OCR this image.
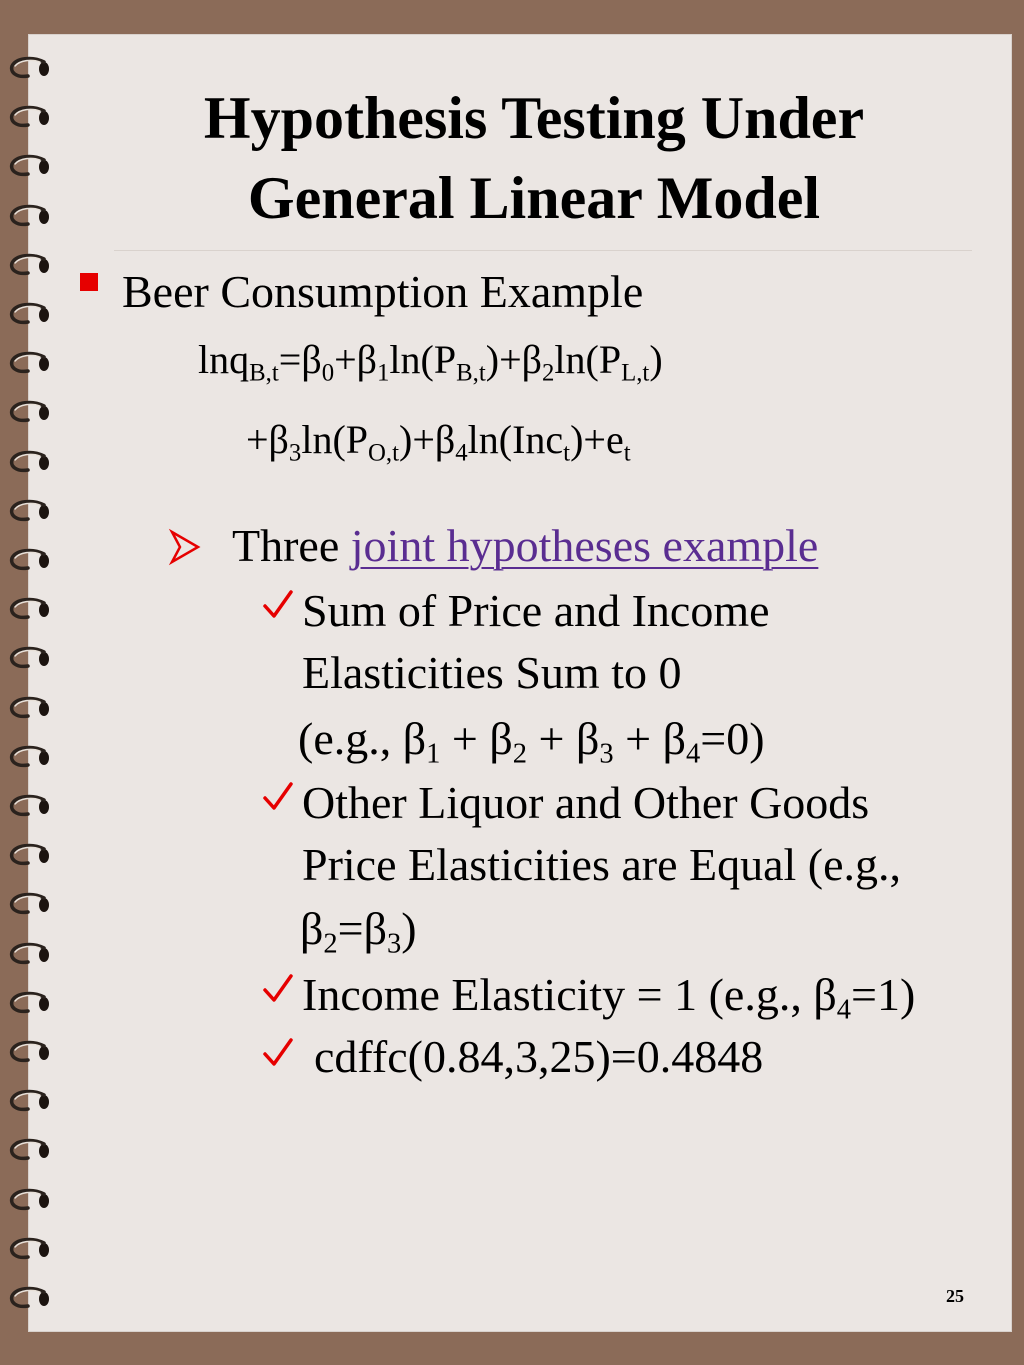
Hypothesis Testing Under
General Linear Model
Beer Consumption Example
$\ln q_{B,t}=\beta_0+\beta_1\ln(P_{B,t})+\beta_2\ln(P_{L,t})$
$+\beta_3\ln(P_{O,t})+\beta_4\ln(Inc_t)+e_t$
Three joint hypotheses example
Sum of Price and Income
Elasticities Sum to 0
(e.g., $\beta_1 + \beta_2 + \beta_3 + \beta_4=0$)
Other Liquor and Other Goods
Price Elasticities are Equal (e.g.,
$\beta_2=\beta_3$)
Income Elasticity = 1 (e.g., $\beta_4=1$)
cdffc(0.84,3,25)=0.4848
25
